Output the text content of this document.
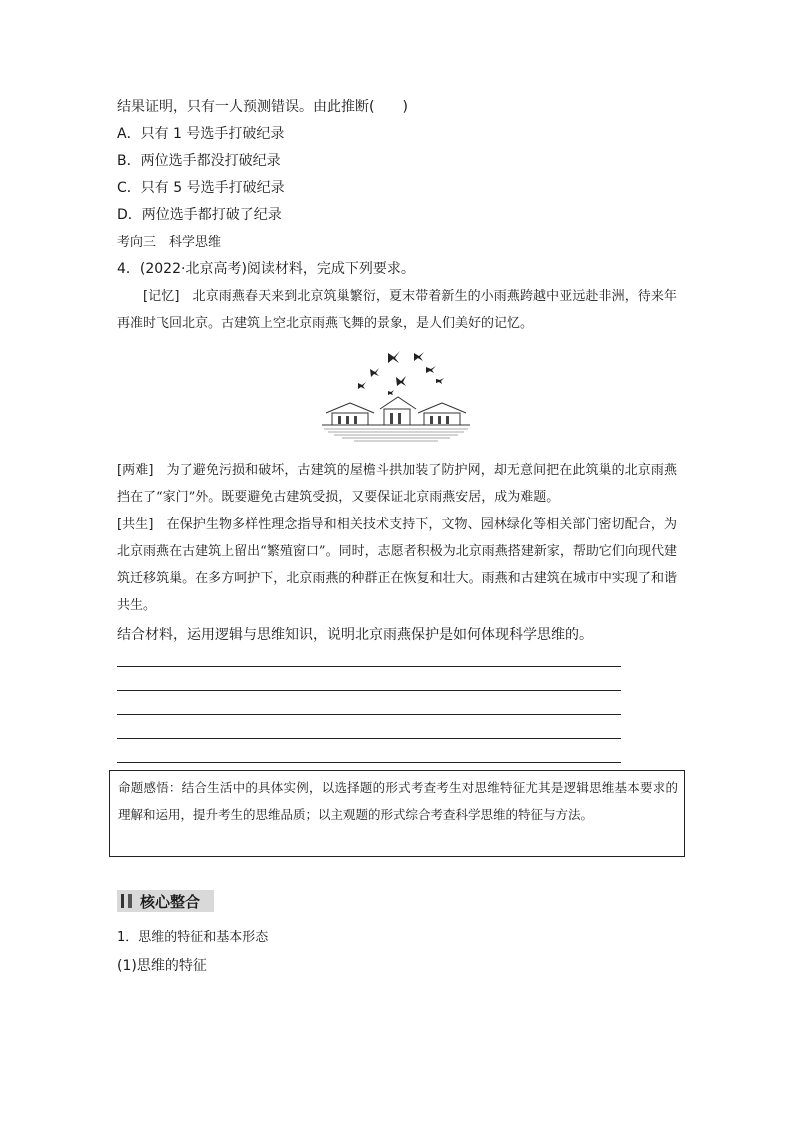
结果证明，只有一人预测错误。由此推断(　　)
A．只有 1 号选手打破纪录
B．两位选手都没打破纪录
C．只有 5 号选手打破纪录
D．两位选手都打破了纪录
考向三　科学思维
4．(2022·北京高考)阅读材料，完成下列要求。
[记忆]　北京雨燕春天来到北京筑巢繁衍，夏末带着新生的小雨燕跨越中亚远赴非洲，待来年再准时飞回北京。古建筑上空北京雨燕飞舞的景象，是人们美好的记忆。
[两难]　为了避免污损和破坏，古建筑的屋檐斗拱加装了防护网，却无意间把在此筑巢的北京雨燕挡在了“家门”外。既要避免古建筑受损，又要保证北京雨燕安居，成为难题。
[共生]　在保护生物多样性理念指导和相关技术支持下，文物、园林绿化等相关部门密切配合，为北京雨燕在古建筑上留出“繁殖窗口”。同时，志愿者积极为北京雨燕搭建新家，帮助它们向现代建筑迁移筑巢。在多方呵护下，北京雨燕的种群正在恢复和壮大。雨燕和古建筑在城市中实现了和谐共生。
结合材料，运用逻辑与思维知识，说明北京雨燕保护是如何体现科学思维的。
命题感悟：结合生活中的具体实例，以选择题的形式考查考生对思维特征尤其是逻辑思维基本要求的理解和运用，提升考生的思维品质；以主观题的形式综合考查科学思维的特征与方法。
核心整合
1．思维的特征和基本形态
(1)思维的特征
